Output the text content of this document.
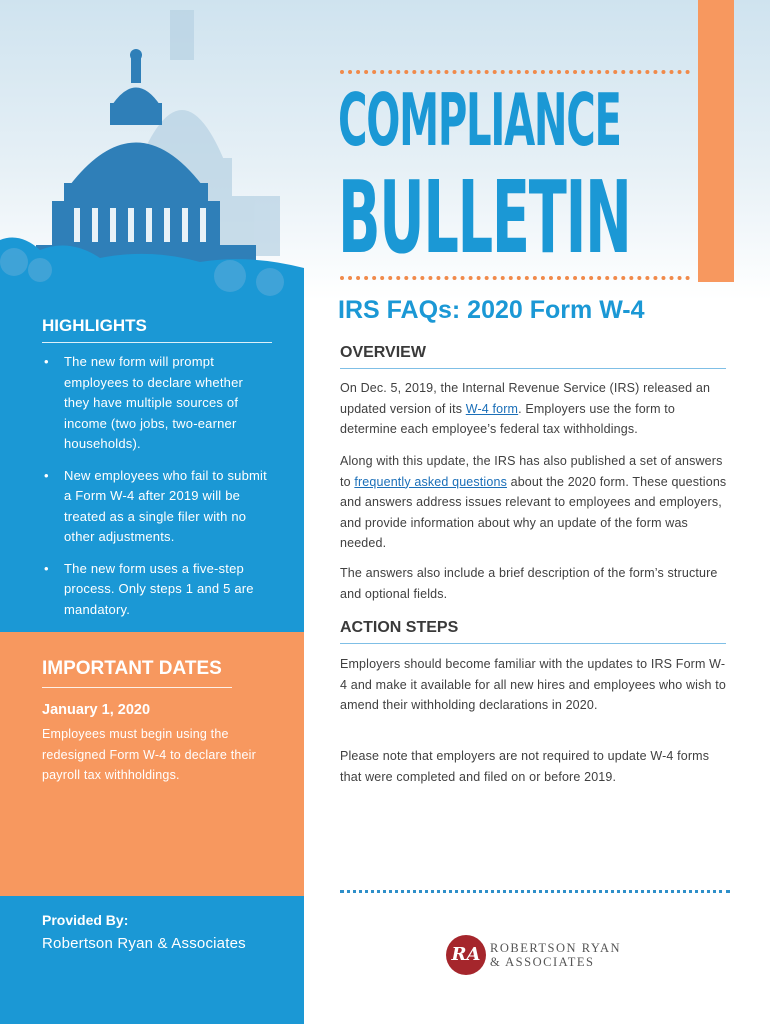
COMPLIANCE
BULLETIN
HIGHLIGHTS
• The new form will prompt employees to declare whether they have multiple sources of income (two jobs, two-earner households).
• New employees who fail to submit a Form W-4 after 2019 will be treated as a single filer with no other adjustments.
• The new form uses a five-step process. Only steps 1 and 5 are mandatory.
IMPORTANT DATES
January 1, 2020
Employees must begin using the redesigned Form W-4 to declare their payroll tax withholdings.
Provided By:
Robertson Ryan & Associates
IRS FAQs: 2020 Form W-4
OVERVIEW

On Dec. 5, 2019, the Internal Revenue Service (IRS) released an updated version of its W-4 form. Employers use the form to determine each employee’s federal tax withholdings.

Along with this update, the IRS has also published a set of answers to frequently asked questions about the 2020 form. These questions and answers address issues relevant to employees and employers, and provide information about why an update of the form was needed.

The answers also include a brief description of the form’s structure and optional fields.

ACTION STEPS

Employers should become familiar with the updates to IRS Form W-4 and make it available for all new hires and employees who wish to amend their withholding declarations in 2020.

Please note that employers are not required to update W-4 forms that were completed and filed on or before 2019.

RA ROBERTSON RYAN
& ASSOCIATES
